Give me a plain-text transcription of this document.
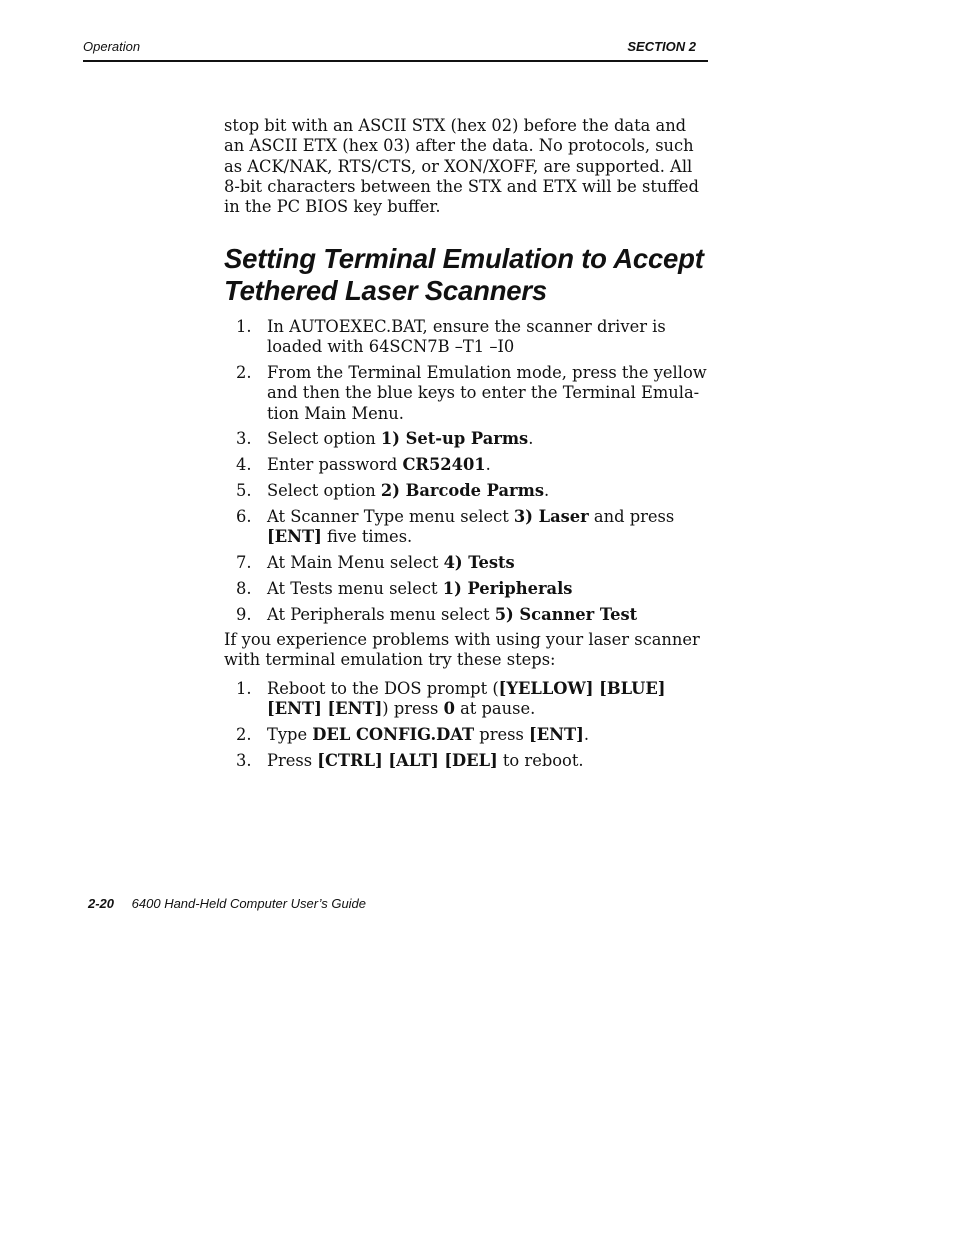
Operation	SECTION 2
stop bit with an ASCII STX (hex 02) before the data and an ASCII ETX (hex 03) after the data. No protocols, such as ACK/NAK, RTS/CTS, or XON/XOFF, are supported. All 8-bit characters between the STX and ETX will be stuffed in the PC BIOS key buffer.
Setting Terminal Emulation to Accept Tethered Laser Scanners
1. In AUTOEXEC.BAT, ensure the scanner driver is loaded with 64SCN7B –T1 –I0
2. From the Terminal Emulation mode, press the yellow and then the blue keys to enter the Terminal Emula-tion Main Menu.
3. Select option 1) Set-up Parms.
4. Enter password CR52401.
5. Select option 2) Barcode Parms.
6. At Scanner Type menu select 3) Laser and press [ENT] five times.
7. At Main Menu select 4) Tests
8. At Tests menu select 1) Peripherals
9. At Peripherals menu select 5) Scanner Test
If you experience problems with using your laser scanner with terminal emulation try these steps:
1. Reboot to the DOS prompt ([YELLOW] [BLUE] [ENT] [ENT]) press 0 at pause.
2. Type DEL CONFIG.DAT press [ENT].
3. Press [CTRL] [ALT] [DEL] to reboot.
2-20 6400 Hand-Held Computer User’s Guide
